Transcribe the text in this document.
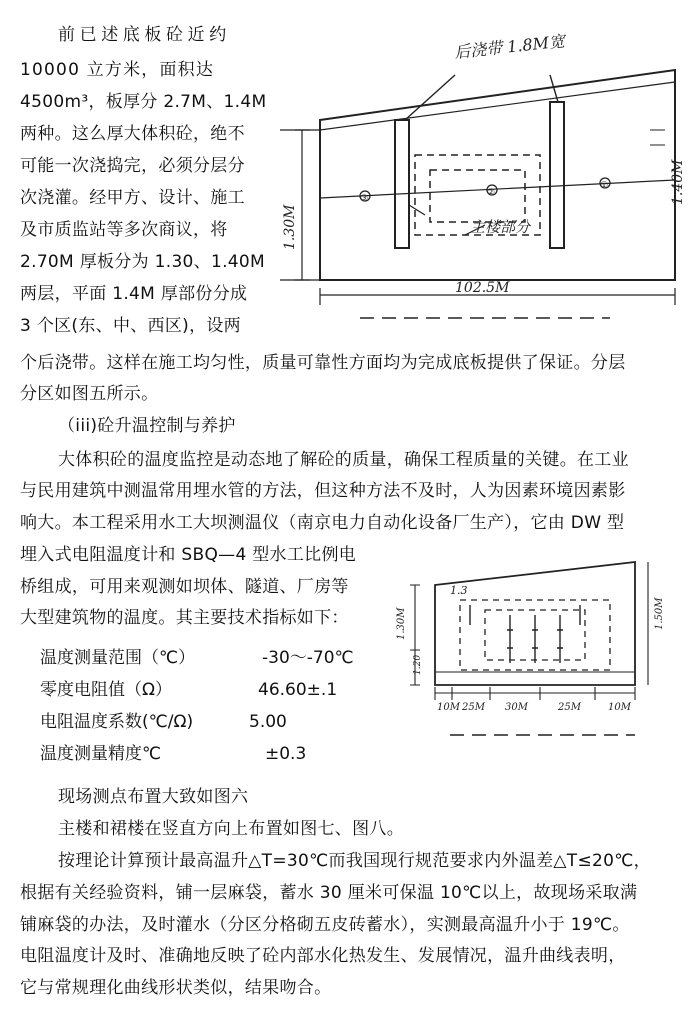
前已述底板砼近约
10000 立方米，面积达
4500m³，板厚分 2.7M、1.4M
两种。这么厚大体积砼，绝不
可能一次浇捣完，必须分层分
次浇灌。经甲方、设计、施工
及市质监站等多次商议，将
2.70M 厚板分为 1.30、1.40M
两层，平面 1.4M 厚部份分成
3 个区(东、中、西区)，设两
③
②
①
后浇带 1.8M宽
1.30M
1.40M
102.5M
主楼部分
个后浇带。这样在施工均匀性，质量可靠性方面均为完成底板提供了保证。分层
分区如图五所示。
（iii)砼升温控制与养护
大体积砼的温度监控是动态地了解砼的质量，确保工程质量的关键。在工业
与民用建筑中测温常用埋水管的方法，但这种方法不及时，人为因素环境因素影
响大。本工程采用水工大坝测温仪（南京电力自动化设备厂生产），它由 DW 型
埋入式电阻温度计和 SBQ—4 型水工比例电
桥组成，可用来观测如坝体、隧道、厂房等
大型建筑物的温度。其主要技术指标如下：
1.3
1.30M	1.50M
1.20
10M 25M 30M	25M	10M
温度测量范围（℃）	-30～-70℃
零度电阻值（Ω）	46.60±.1
电阻温度系数(℃/Ω)	5.00
温度测量精度℃	±0.3
现场测点布置大致如图六
主楼和裙楼在竖直方向上布置如图七、图八。
按理论计算预计最高温升△T=30℃而我国现行规范要求内外温差△T≤20℃，
根据有关经验资料，铺一层麻袋，蓄水 30 厘米可保温 10℃以上，故现场采取满
铺麻袋的办法，及时灌水（分区分格砌五皮砖蓄水），实测最高温升小于 19℃。
电阻温度计及时、准确地反映了砼内部水化热发生、发展情况，温升曲线表明，
它与常规理化曲线形状类似，结果吻合。
